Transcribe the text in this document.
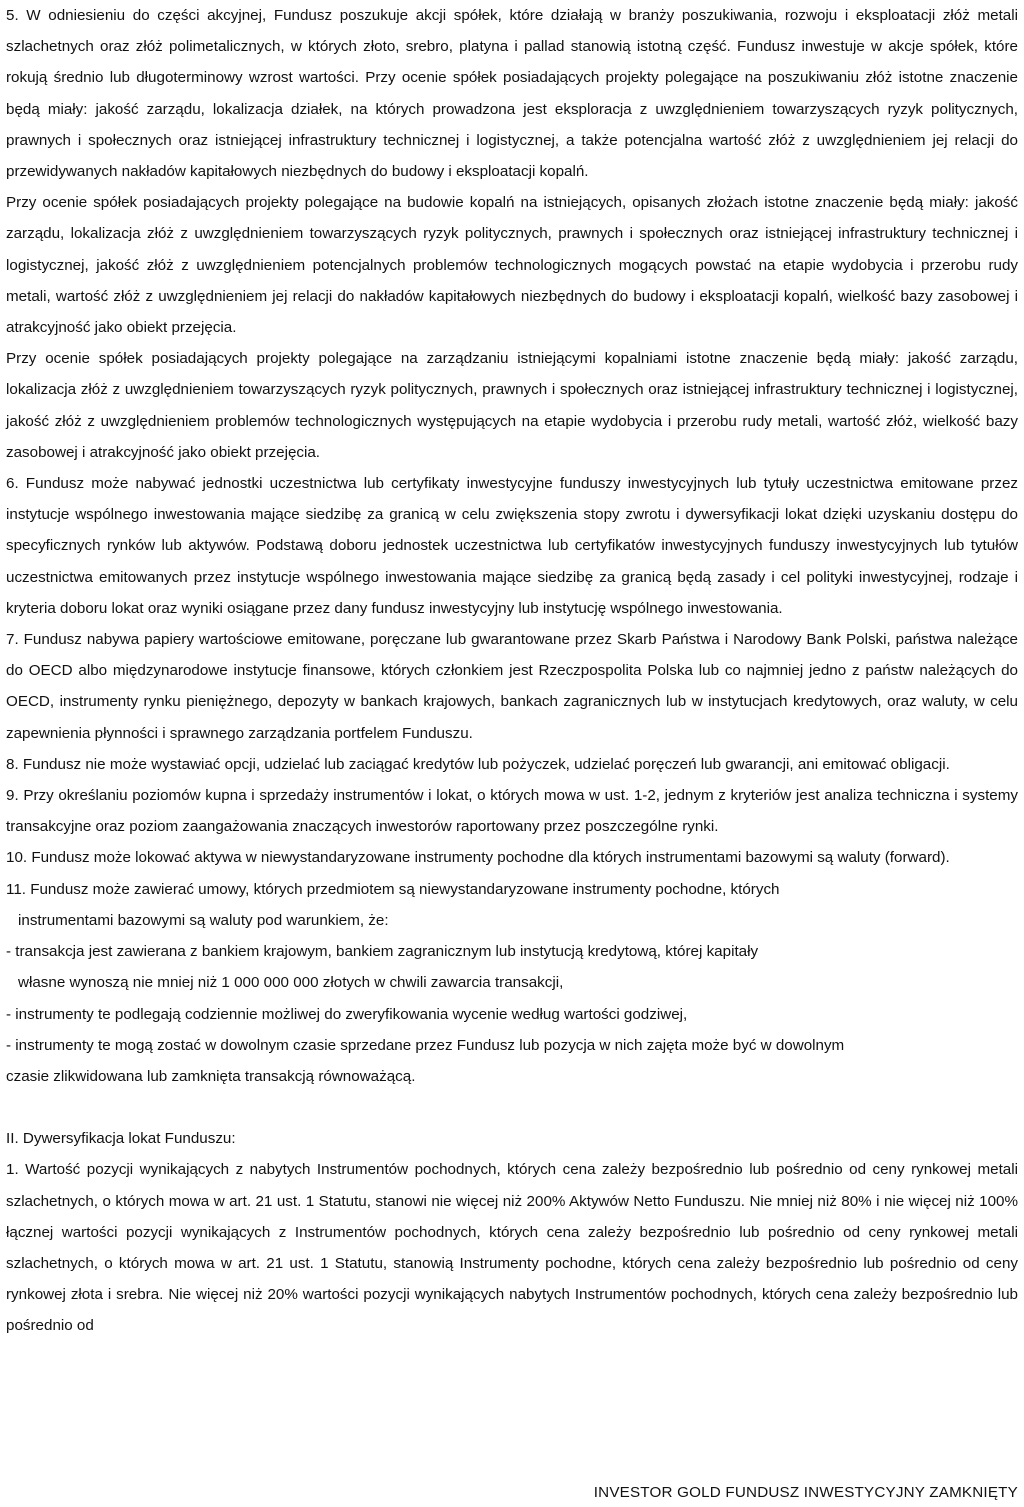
5. W odniesieniu do części akcyjnej, Fundusz poszukuje akcji spółek, które działają w branży poszukiwania, rozwoju i eksploatacji złóż metali szlachetnych oraz złóż polimetalicznych, w których złoto, srebro, platyna i pallad stanowią istotną część. Fundusz inwestuje w akcje spółek, które rokują średnio lub długoterminowy wzrost wartości. Przy ocenie spółek posiadających projekty polegające na poszukiwaniu złóż istotne znaczenie będą miały: jakość zarządu, lokalizacja działek, na których prowadzona jest eksploracja z uwzględnieniem towarzyszących ryzyk politycznych, prawnych i społecznych oraz istniejącej infrastruktury technicznej i logistycznej, a także potencjalna wartość złóż z uwzględnieniem jej relacji do przewidywanych nakładów kapitałowych niezbędnych do budowy i eksploatacji kopalń.

Przy ocenie spółek posiadających projekty polegające na budowie kopalń na istniejących, opisanych złożach istotne znaczenie będą miały: jakość zarządu, lokalizacja złóż z uwzględnieniem towarzyszących ryzyk politycznych, prawnych i społecznych oraz istniejącej infrastruktury technicznej i logistycznej, jakość złóż z uwzględnieniem potencjalnych problemów technologicznych mogących powstać na etapie wydobycia i przerobu rudy metali, wartość złóż z uwzględnieniem jej relacji do nakładów kapitałowych niezbędnych do budowy i eksploatacji kopalń, wielkość bazy zasobowej i atrakcyjność jako obiekt przejęcia.

Przy ocenie spółek posiadających projekty polegające na zarządzaniu istniejącymi kopalniami istotne znaczenie będą miały: jakość zarządu, lokalizacja złóż z uwzględnieniem towarzyszących ryzyk politycznych, prawnych i społecznych oraz istniejącej infrastruktury technicznej i logistycznej, jakość złóż z uwzględnieniem problemów technologicznych występujących na etapie wydobycia i przerobu rudy metali, wartość złóż, wielkość bazy zasobowej i atrakcyjność jako obiekt przejęcia.

6. Fundusz może nabywać jednostki uczestnictwa lub certyfikaty inwestycyjne funduszy inwestycyjnych lub tytuły uczestnictwa emitowane przez instytucje wspólnego inwestowania mające siedzibę za granicą w celu zwiększenia stopy zwrotu i dywersyfikacji lokat dzięki uzyskaniu dostępu do specyficznych rynków lub aktywów. Podstawą doboru jednostek uczestnictwa lub certyfikatów inwestycyjnych funduszy inwestycyjnych lub tytułów uczestnictwa emitowanych przez instytucje wspólnego inwestowania mające siedzibę za granicą będą zasady i cel polityki inwestycyjnej, rodzaje i kryteria doboru lokat oraz wyniki osiągane przez dany fundusz inwestycyjny lub instytucję wspólnego inwestowania.

7. Fundusz nabywa papiery wartościowe emitowane, poręczane lub gwarantowane przez Skarb Państwa i Narodowy Bank Polski, państwa należące do OECD albo międzynarodowe instytucje finansowe, których członkiem jest Rzeczpospolita Polska lub co najmniej jedno z państw należących do OECD, instrumenty rynku pieniężnego, depozyty w bankach krajowych, bankach zagranicznych lub w instytucjach kredytowych, oraz waluty, w celu zapewnienia płynności i sprawnego zarządzania portfelem Funduszu.

8. Fundusz nie może wystawiać opcji, udzielać lub zaciągać kredytów lub pożyczek, udzielać poręczeń lub gwarancji, ani emitować obligacji.

9. Przy określaniu poziomów kupna i sprzedaży instrumentów i lokat, o których mowa w ust. 1-2, jednym z kryteriów jest analiza techniczna i systemy transakcyjne oraz poziom zaangażowania znaczących inwestorów raportowany przez poszczególne rynki.

10. Fundusz może lokować aktywa w niewystandaryzowane instrumenty pochodne dla których instrumentami bazowymi są waluty (forward).

11. Fundusz może zawierać umowy, których przedmiotem są niewystandaryzowane instrumenty pochodne, których
instrumentami bazowymi są waluty pod warunkiem, że:
- transakcja jest zawierana z bankiem krajowym, bankiem zagranicznym lub instytucją kredytową, której kapitały
własne wynoszą nie mniej niż 1 000 000 000 złotych w chwili zawarcia transakcji,
- instrumenty te podlegają codziennie możliwej do zweryfikowania wycenie według wartości godziwej,
- instrumenty te mogą zostać w dowolnym czasie sprzedane przez Fundusz lub pozycja w nich zajęta może być w dowolnym
czasie zlikwidowana lub zamknięta transakcją równoważącą.
II. Dywersyfikacja lokat Funduszu:

1. Wartość pozycji wynikających z nabytych Instrumentów pochodnych, których cena zależy bezpośrednio lub pośrednio od ceny rynkowej metali szlachetnych, o których mowa w art. 21 ust. 1 Statutu, stanowi nie więcej niż 200% Aktywów Netto Funduszu. Nie mniej niż 80% i nie więcej niż 100% łącznej wartości pozycji wynikających z Instrumentów pochodnych, których cena zależy bezpośrednio lub pośrednio od ceny rynkowej metali szlachetnych, o których mowa w art. 21 ust. 1 Statutu, stanowią Instrumenty pochodne, których cena zależy bezpośrednio lub pośrednio od ceny rynkowej złota i srebra. Nie więcej niż 20% wartości pozycji wynikających nabytych Instrumentów pochodnych, których cena zależy bezpośrednio lub pośrednio od

INVESTOR GOLD FUNDUSZ INWESTYCYJNY ZAMKNIĘTY
